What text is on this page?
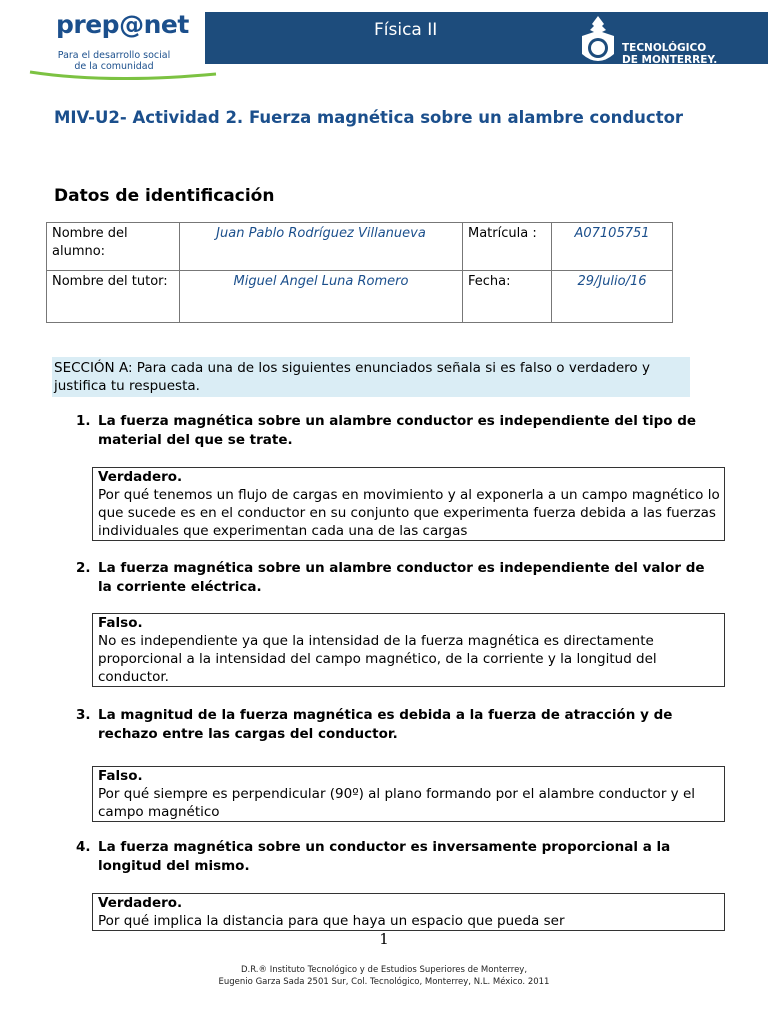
prep@net
Para el desarrollo social
de la comunidad
Física II
TECNOLÓGICO
DE MONTERREY.
MIV-U2- Actividad 2. Fuerza magnética sobre un alambre conductor
Datos de identificación
Nombre del alumno:	Juan Pablo Rodríguez Villanueva	Matrícula :	A07105751
Nombre del tutor:	Miguel Angel Luna Romero	Fecha:	29/Julio/16
SECCIÓN A: Para cada una de los siguientes enunciados señala si es falso o verdadero y justifica tu respuesta.
1. La fuerza magnética sobre un alambre conductor es independiente del tipo de material del que se trate.
Verdadero.
Por qué tenemos un flujo de cargas en movimiento y al exponerla a un campo magnético lo que sucede es en el conductor en su conjunto que experimenta fuerza debida a las fuerzas individuales que experimentan cada una de las cargas
2. La fuerza magnética sobre un alambre conductor es independiente del valor de la corriente eléctrica.
Falso.
No es independiente ya que la intensidad de la fuerza magnética es directamente proporcional a la intensidad del campo magnético, de la corriente y la longitud del conductor.
3. La magnitud de la fuerza magnética es debida a la fuerza de atracción y de rechazo entre las cargas del conductor.
Falso.
Por qué siempre es perpendicular (90º) al plano formando por el alambre conductor y el campo magnético
4. La fuerza magnética sobre un conductor es inversamente proporcional a la longitud del mismo.
Verdadero.
Por qué implica la distancia para que haya un espacio que pueda ser
1
D.R.® Instituto Tecnológico y de Estudios Superiores de Monterrey,
Eugenio Garza Sada 2501 Sur, Col. Tecnológico, Monterrey, N.L. México. 2011
